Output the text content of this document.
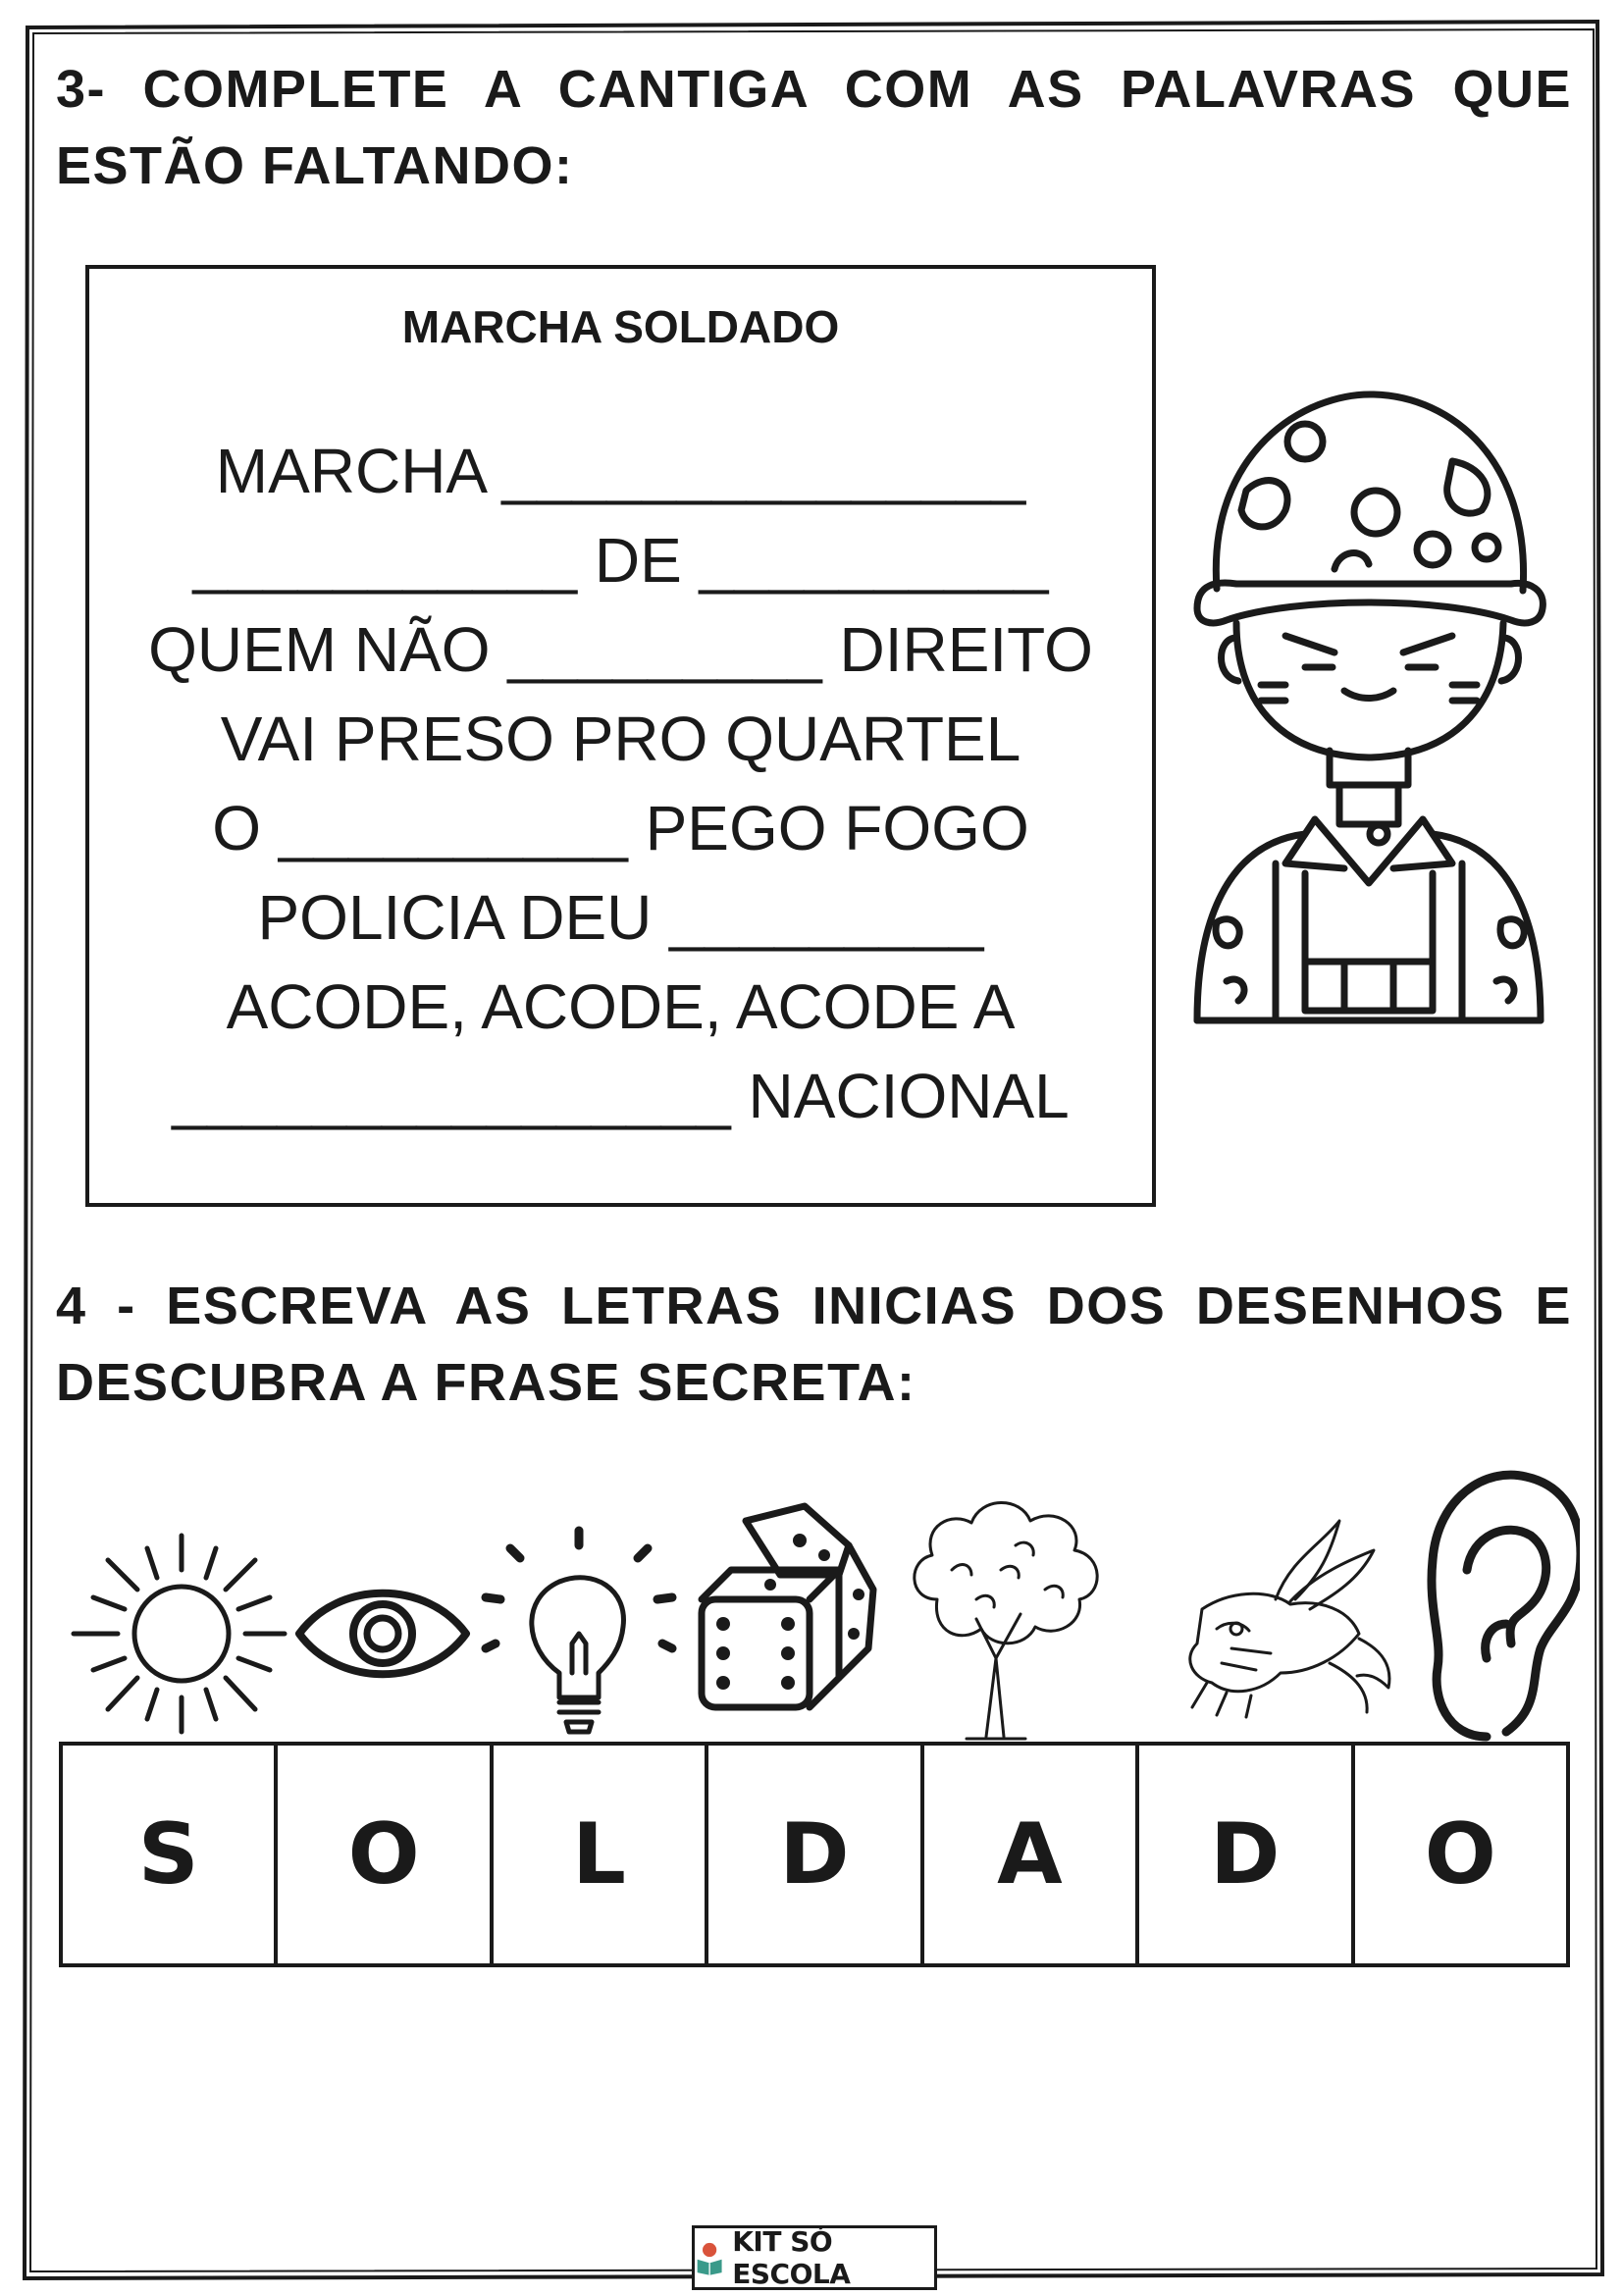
3- COMPLETE A CANTIGA COM AS PALAVRAS QUE ESTÃO FALTANDO:
MARCHA SOLDADO
MARCHA _______________
___________ DE __________
QUEM NÃO _________ DIREITO
VAI PRESO PRO QUARTEL
O __________ PEGO FOGO
POLICIA DEU _________
ACODE, ACODE, ACODE A
________________ NACIONAL
4 - ESCREVA AS LETRAS INICIAS DOS DESENHOS E DESCUBRA A FRASE SECRETA:
S	O	L	D	A	D	O
KIT SÓ ESCOLA
